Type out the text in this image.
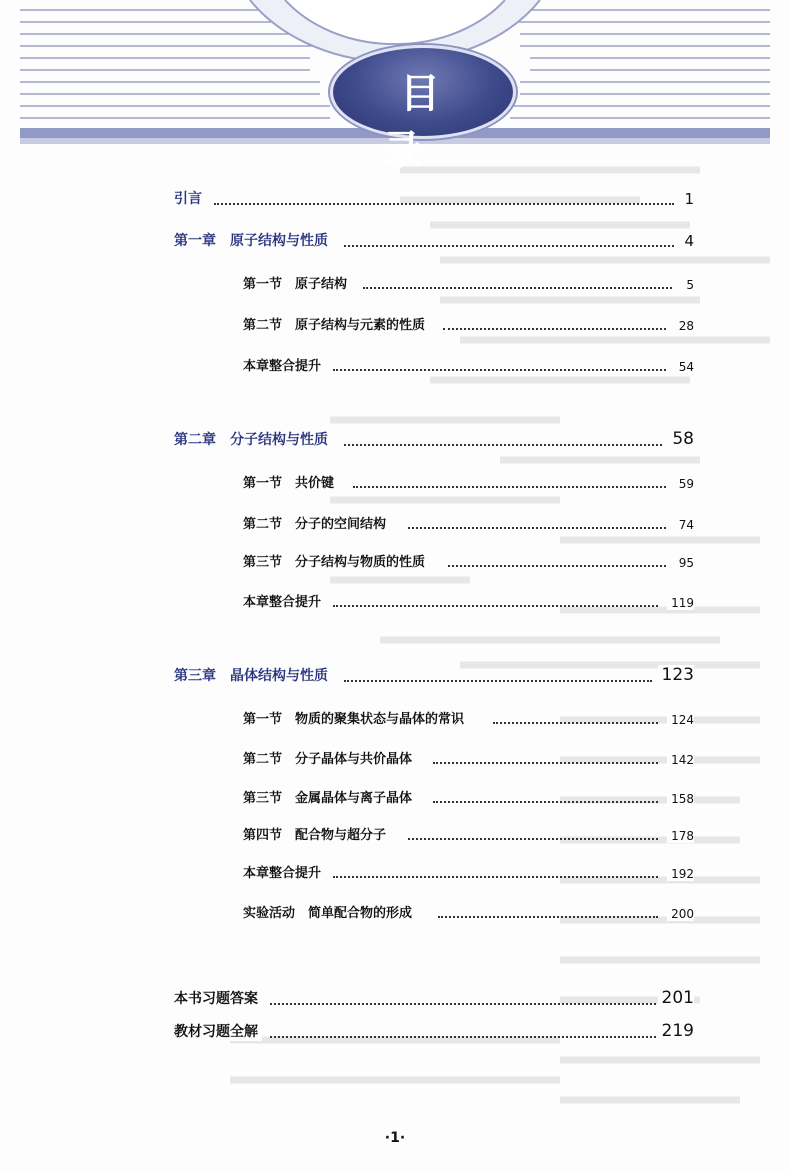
目 录
引言	1
第一章　原子结构与性质	4
第一节　原子结构	5
第二节　原子结构与元素的性质	28
本章整合提升	54
第二章　分子结构与性质	58
第一节　共价键	59
第二节　分子的空间结构	74
第三节　分子结构与物质的性质	95
本章整合提升	119
第三章　晶体结构与性质	123
第一节　物质的聚集状态与晶体的常识	124
第二节　分子晶体与共价晶体	142
第三节　金属晶体与离子晶体	158
第四节　配合物与超分子	178
本章整合提升	192
实验活动　简单配合物的形成	200
本书习题答案	201
教材习题全解	219
·1·
